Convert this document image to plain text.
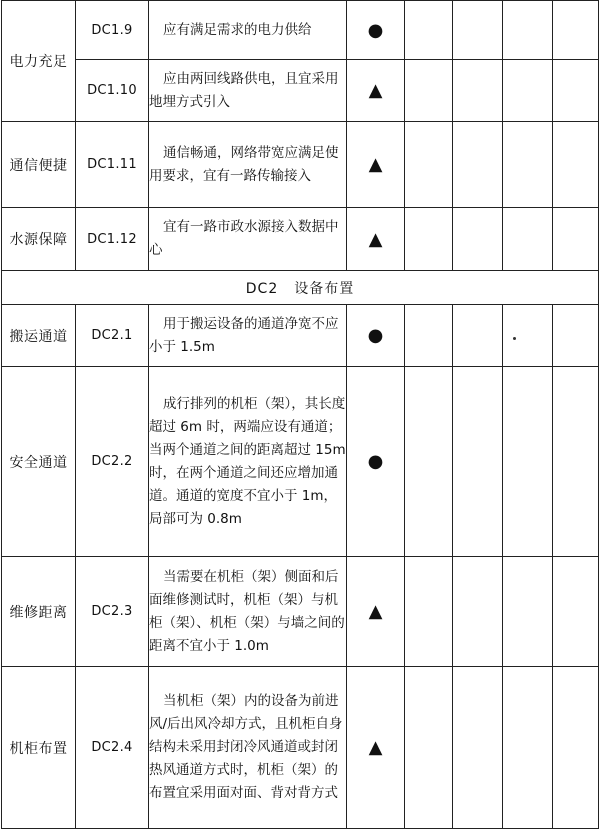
电力充足	DC1.9	应有满足需求的电力供给	●				
	DC1.10	应由两回线路供电，且宜采用地埋方式引入	▲				
通信便捷	DC1.11	通信畅通，网络带宽应满足使用要求，宜有一路传输接入	▲				
水源保障	DC1.12	宜有一路市政水源接入数据中心	▲				
DC2 设备布置							
搬运通道	DC2.1	用于搬运设备的通道净宽不应小于 1.5m	●				
安全通道	DC2.2	成行排列的机柜（架），其长度超过 6m 时，两端应设有通道；当两个通道之间的距离超过 15m 时，在两个通道之间还应增加通道。通道的宽度不宜小于 1m，局部可为 0.8m	●				
维修距离	DC2.3	当需要在机柜（架）侧面和后面维修测试时，机柜（架）与机柜（架）、机柜（架）与墙之间的距离不宜小于 1.0m	▲				
机柜布置	DC2.4	当机柜（架）内的设备为前进风/后出风冷却方式，且机柜自身结构未采用封闭冷风通道或封闭热风通道方式时，机柜（架）的布置宜采用面对面、背对背方式	▲				
